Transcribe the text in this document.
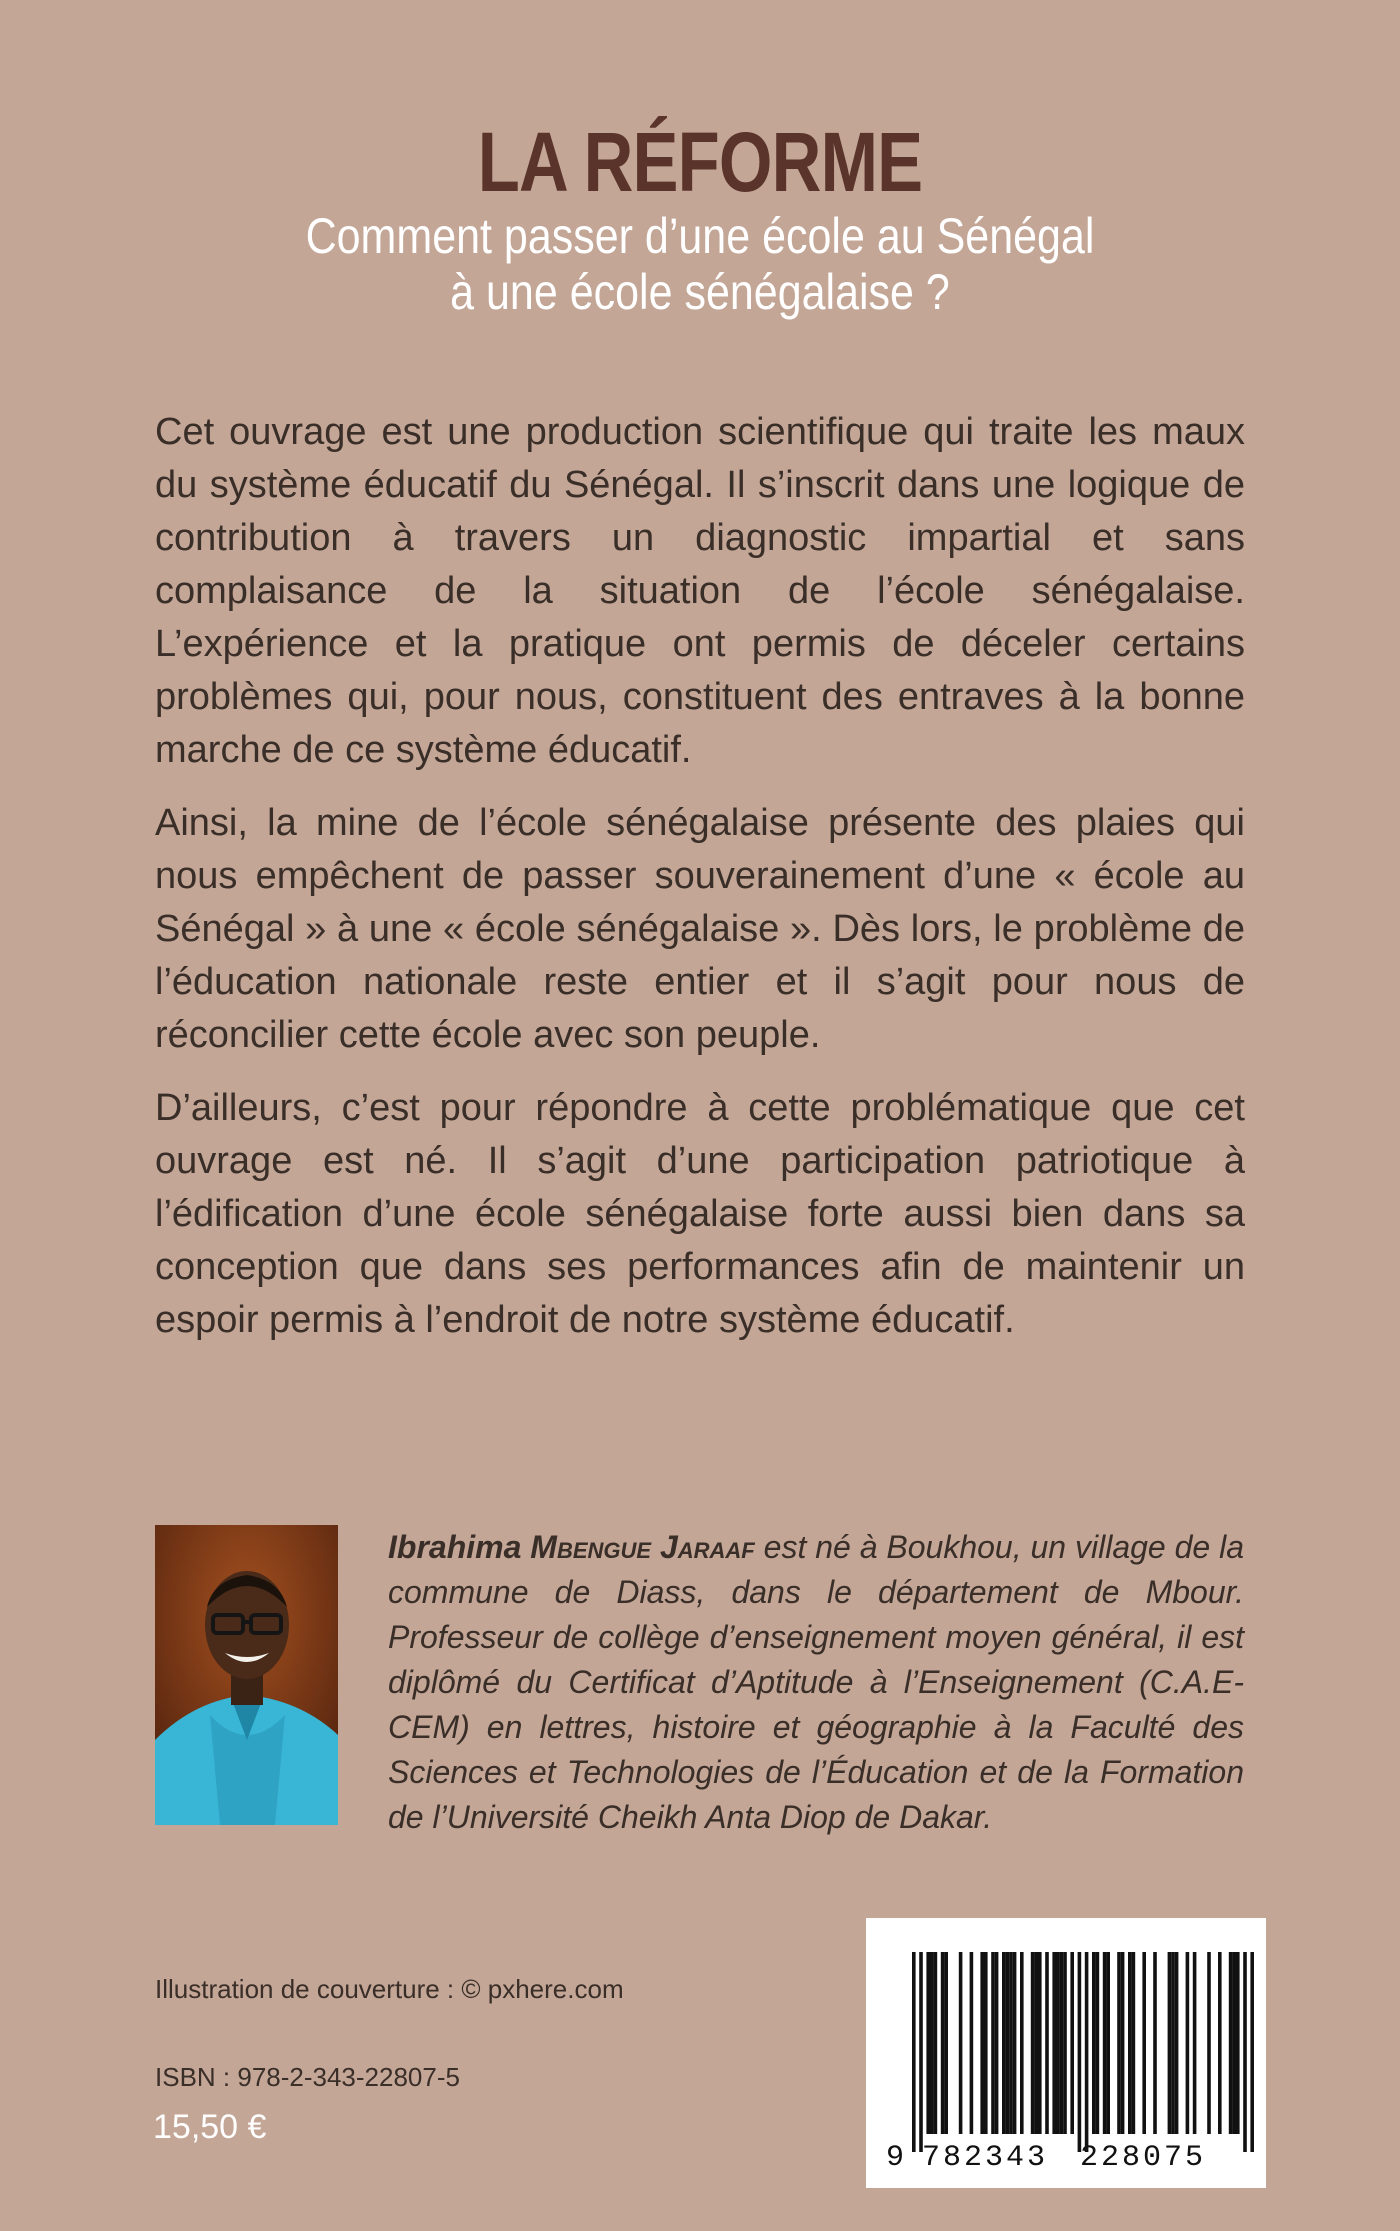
LA RÉFORME
Comment passer d’une école au Sénégal
à une école sénégalaise ?

Cet ouvrage est une production scientifique qui traite les maux du système éducatif du Sénégal. Il s’inscrit dans une logique de contribution à travers un diagnostic impartial et sans complaisance de la situation de l’école sénégalaise. L’expérience et la pratique ont permis de déceler certains problèmes qui, pour nous, constituent des entraves à la bonne marche de ce système éducatif.

Ainsi, la mine de l’école sénégalaise présente des plaies qui nous empêchent de passer souverainement d’une « école au Sénégal » à une « école sénégalaise ». Dès lors, le problème de l’éducation nationale reste entier et il s’agit pour nous de réconcilier cette école avec son peuple.

D’ailleurs, c’est pour répondre à cette problématique que cet ouvrage est né. Il s’agit d’une participation patriotique à l’édification d’une école sénégalaise forte aussi bien dans sa conception que dans ses performances afin de maintenir un espoir permis à l’endroit de notre système éducatif.

Ibrahima Mbengue Jaraaf est né à Boukhou, un village de la commune de Diass, dans le département de Mbour. Professeur de collège d’enseignement moyen général, il est diplômé du Certificat d’Aptitude à l’Enseignement (C.A.E-CEM) en lettres, histoire et géographie à la Faculté des Sciences et Technologies de l’Éducation et de la Formation de l’Université Cheikh Anta Diop de Dakar.
Illustration de couverture : © pxhere.com
ISBN : 978-2-343-22807-5
15,50 €
9 782343 228075
